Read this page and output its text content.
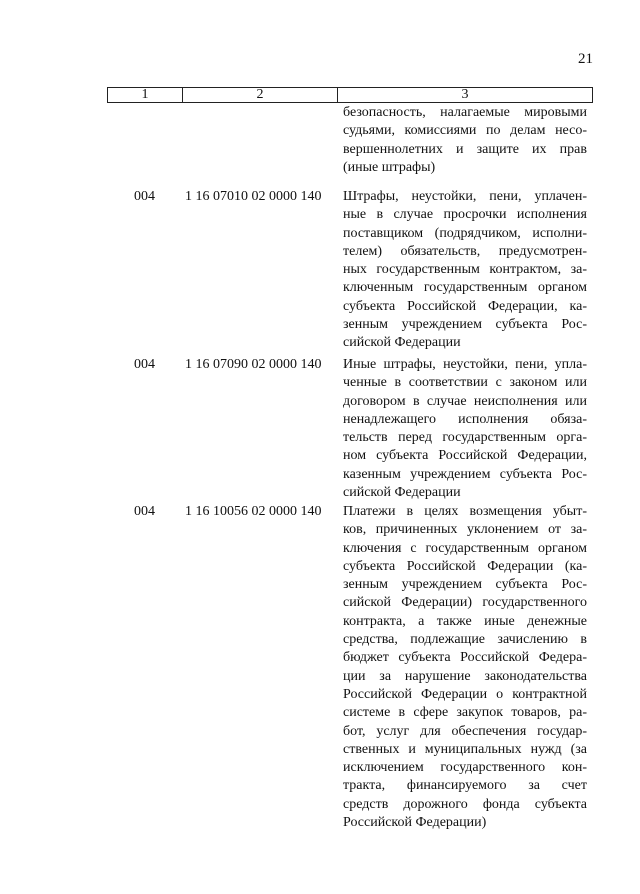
21
1	2	3
безопасность, налагаемые мировыми
судьями, комиссиями по делам несо-
вершеннолетних и защите их прав
(иные штрафы)
004 1 16 07010 02 0000 140 Штрафы, неустойки, пени, уплачен-
ные в случае просрочки исполнения
поставщиком (подрядчиком, исполни-
телем) обязательств, предусмотрен-
ных государственным контрактом, за-
ключенным государственным органом
субъекта Российской Федерации, ка-
зенным учреждением субъекта Рос-
сийской Федерации
004 1 16 07090 02 0000 140 Иные штрафы, неустойки, пени, упла-
ченные в соответствии с законом или
договором в случае неисполнения или
ненадлежащего исполнения обяза-
тельств перед государственным орга-
ном субъекта Российской Федерации,
казенным учреждением субъекта Рос-
сийской Федерации
004 1 16 10056 02 0000 140 Платежи в целях возмещения убыт-
ков, причиненных уклонением от за-
ключения с государственным органом
субъекта Российской Федерации (ка-
зенным учреждением субъекта Рос-
сийской Федерации) государственного
контракта, а также иные денежные
средства, подлежащие зачислению в
бюджет субъекта Российской Федера-
ции за нарушение законодательства
Российской Федерации о контрактной
системе в сфере закупок товаров, ра-
бот, услуг для обеспечения государ-
ственных и муниципальных нужд (за
исключением государственного кон-
тракта, финансируемого за счет
средств дорожного фонда субъекта
Российской Федерации)
